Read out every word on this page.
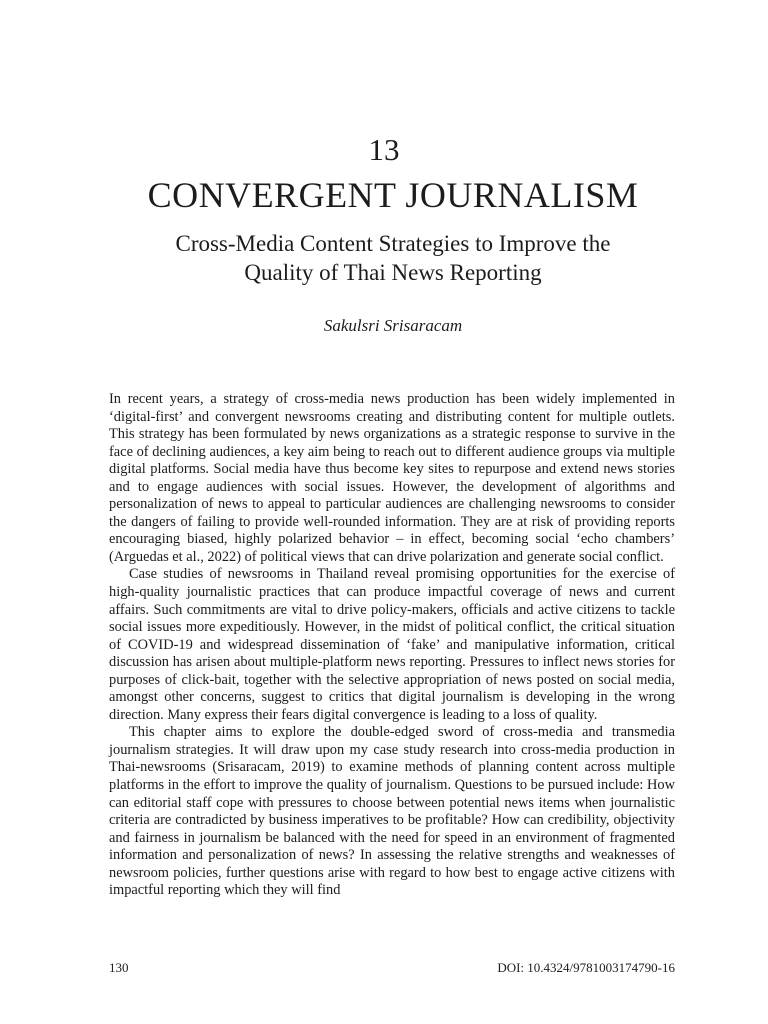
13
CONVERGENT JOURNALISM
Cross-Media Content Strategies to Improve the
Quality of Thai News Reporting
Sakulsri Srisaracam

In recent years, a strategy of cross-media news production has been widely implemented in ‘digital-first’ and convergent newsrooms creating and distributing content for multiple outlets. This strategy has been formulated by news organizations as a strategic response to survive in the face of declining audiences, a key aim being to reach out to different audience groups via multiple digital platforms. Social media have thus become key sites to repurpose and extend news stories and to engage audiences with social issues. However, the development of algorithms and personalization of news to appeal to particular audiences are challenging newsrooms to consider the dangers of failing to provide well-rounded information. They are at risk of providing reports encouraging biased, highly polarized behavior – in effect, becoming social ‘echo chambers’ (Arguedas et al., 2022) of political views that can drive polarization and generate social conflict.

Case studies of newsrooms in Thailand reveal promising opportunities for the exercise of high-quality journalistic practices that can produce impactful coverage of news and current affairs. Such commitments are vital to drive policy-makers, officials and active citizens to tackle social issues more expeditiously. However, in the midst of political conflict, the critical situation of COVID-19 and widespread dissemination of ‘fake’ and manipulative information, critical discussion has arisen about multiple-platform news reporting. Pressures to inflect news stories for purposes of click-bait, together with the selective appropriation of news posted on social media, amongst other concerns, suggest to critics that digital journalism is developing in the wrong direction. Many express their fears digital convergence is leading to a loss of quality.

This chapter aims to explore the double-edged sword of cross-media and transmedia journalism strategies. It will draw upon my case study research into cross-media production in Thai-newsrooms (Srisaracam, 2019) to examine methods of planning content across multiple platforms in the effort to improve the quality of journalism. Questions to be pursued include: How can editorial staff cope with pressures to choose between potential news items when journalistic criteria are contradicted by business imperatives to be profitable? How can credibility, objectivity and fairness in journalism be balanced with the need for speed in an environment of fragmented information and personalization of news? In assessing the relative strengths and weaknesses of newsroom policies, further questions arise with regard to how best to engage active citizens with impactful reporting which they will find

130	DOI: 10.4324/9781003174790-16
